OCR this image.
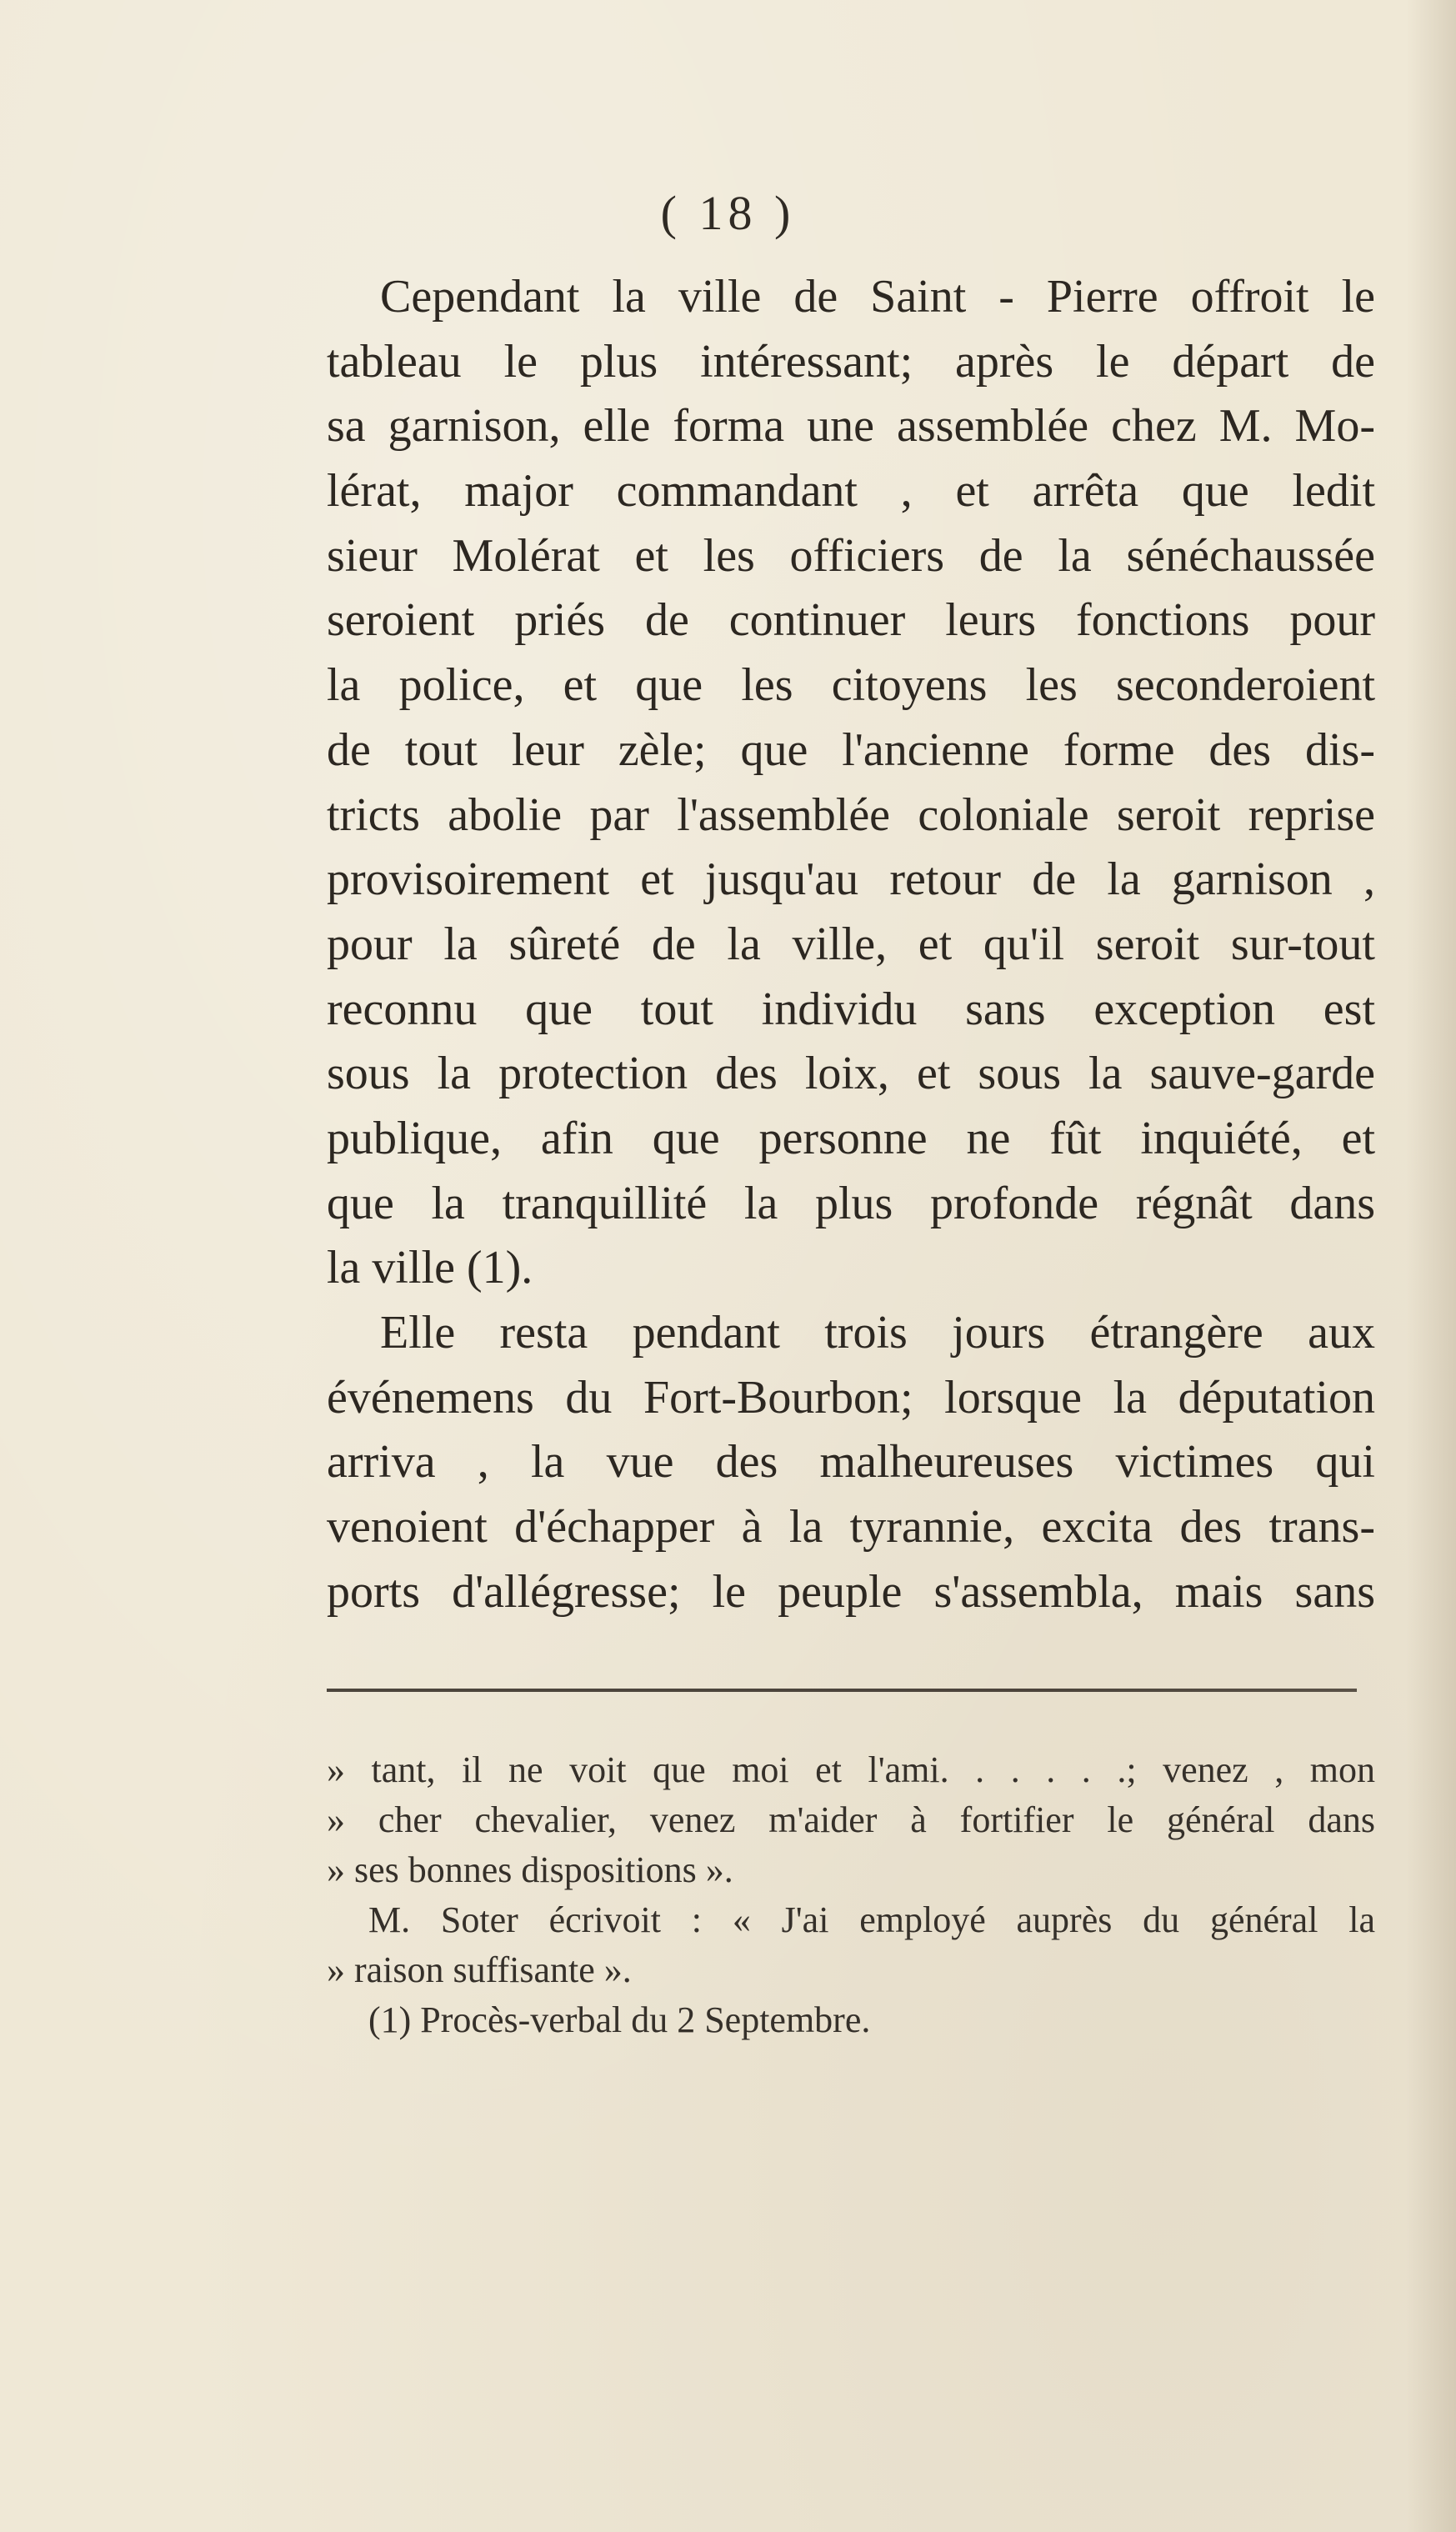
( 18 )
Cependant la ville de Saint - Pierre offroit le
tableau le plus intéressant; après le départ de
sa garnison, elle forma une assemblée chez M. Mo-
lérat, major commandant , et arrêta que ledit
sieur Molérat et les officiers de la sénéchaussée
seroient priés de continuer leurs fonctions pour
la police, et que les citoyens les seconderoient
de tout leur zèle; que l'ancienne forme des dis-
tricts abolie par l'assemblée coloniale seroit reprise
provisoirement et jusqu'au retour de la garnison ,
pour la sûreté de la ville, et qu'il seroit sur-tout
reconnu que tout individu sans exception est
sous la protection des loix, et sous la sauve-garde
publique, afin que personne ne fût inquiété, et
que la tranquillité la plus profonde régnât dans
la ville (1).
Elle resta pendant trois jours étrangère aux
événemens du Fort-Bourbon; lorsque la députation
arriva , la vue des malheureuses victimes qui
venoient d'échapper à la tyrannie, excita des trans-
ports d'allégresse; le peuple s'assembla, mais sans
» tant, il ne voit que moi et l'ami. . . . . .; venez , mon
» cher chevalier, venez m'aider à fortifier le général dans
» ses bonnes dispositions ».
M. Soter écrivoit : « J'ai employé auprès du général la
» raison suffisante ».
(1) Procès-verbal du 2 Septembre.
